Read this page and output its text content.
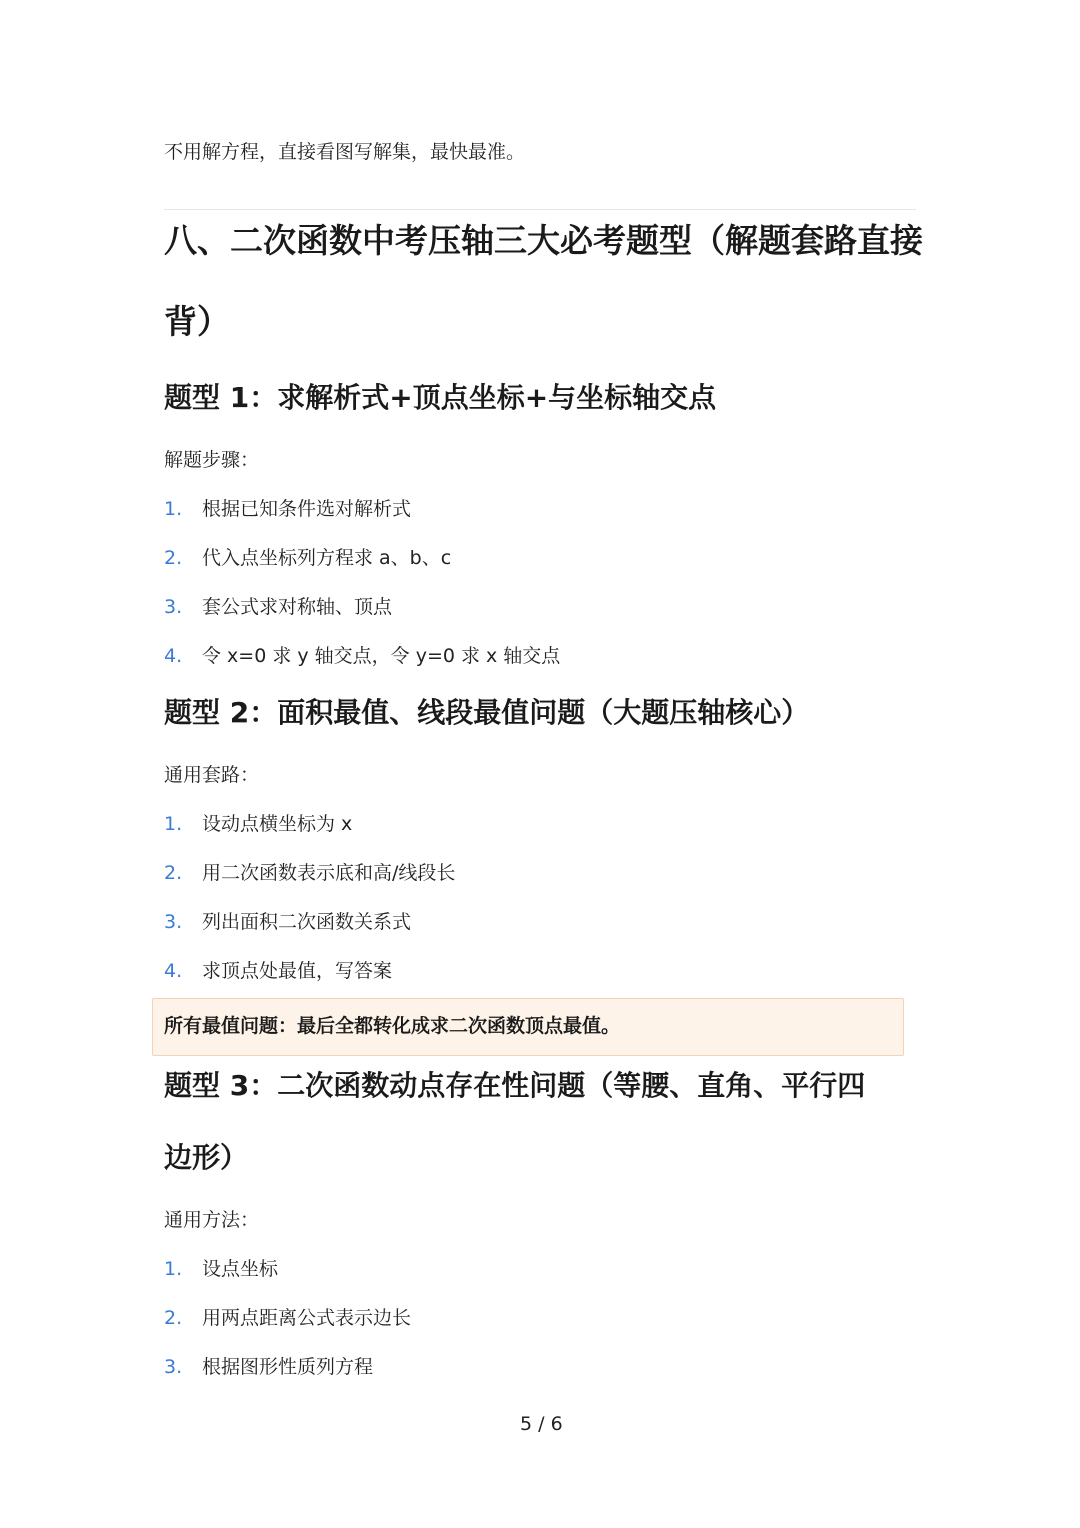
不用解方程，直接看图写解集，最快最准。
八、二次函数中考压轴三大必考题型（解题套路直接
背）
题型 1：求解析式+顶点坐标+与坐标轴交点
解题步骤：
1. 根据已知条件选对解析式
2. 代入点坐标列方程求 a、b、c
3. 套公式求对称轴、顶点
4. 令 x=0 求 y 轴交点，令 y=0 求 x 轴交点
题型 2：面积最值、线段最值问题（大题压轴核心）
通用套路：
1. 设动点横坐标为 x
2. 用二次函数表示底和高/线段长
3. 列出面积二次函数关系式
4. 求顶点处最值，写答案
所有最值问题：最后全都转化成求二次函数顶点最值。
题型 3：二次函数动点存在性问题（等腰、直角、平行四
边形）
通用方法：
1. 设点坐标
2. 用两点距离公式表示边长
3. 根据图形性质列方程
5 / 6
